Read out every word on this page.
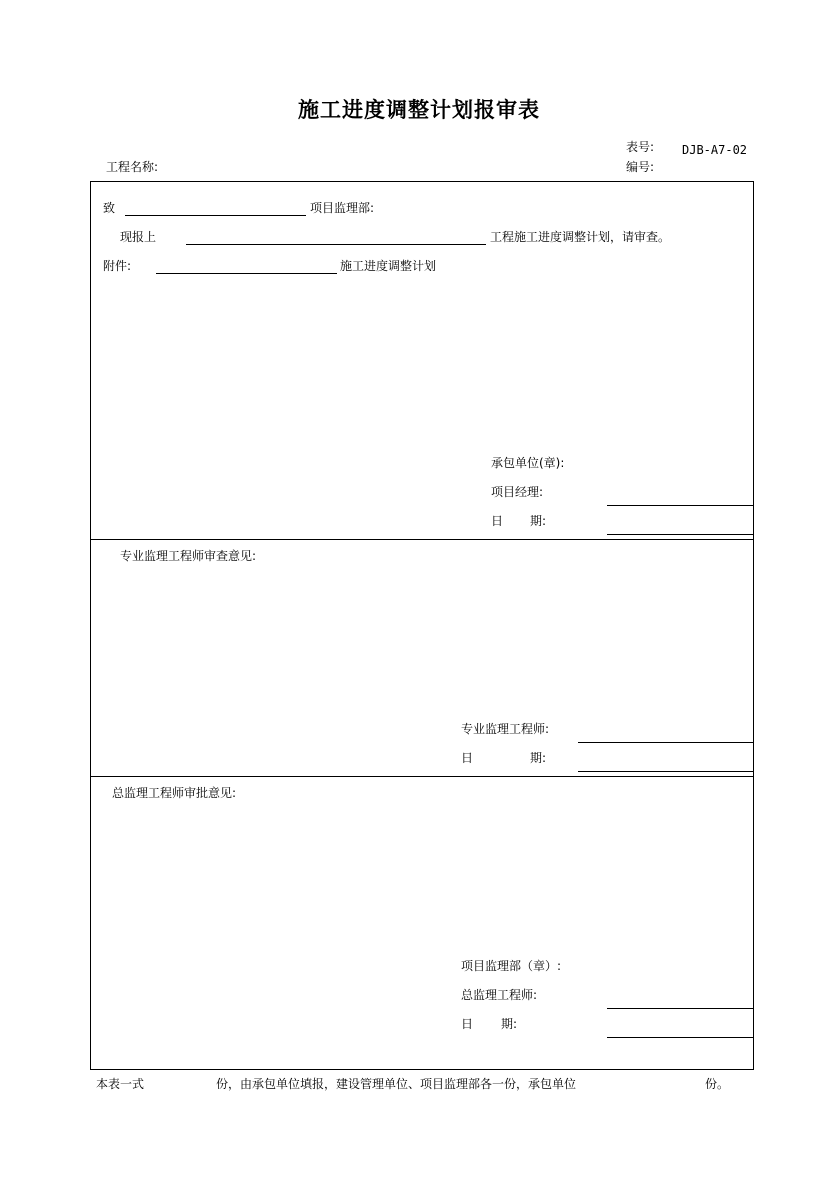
施工进度调整计划报审表
表号: DJB-A7-02
编号:
工程名称:
致	项目监理部:
现报上	工程施工进度调整计划，请审查。
附件:	施工进度调整计划
承包单位(章):
项目经理:
日 期:
专业监理工程师审查意见:
专业监理工程师:
日	期:
总监理工程师审批意见:
项目监理部（章）:
总监理工程师:
日 期:
本表一式	份，由承包单位填报，建设管理单位、项目监理部各一份，承包单位	份。
